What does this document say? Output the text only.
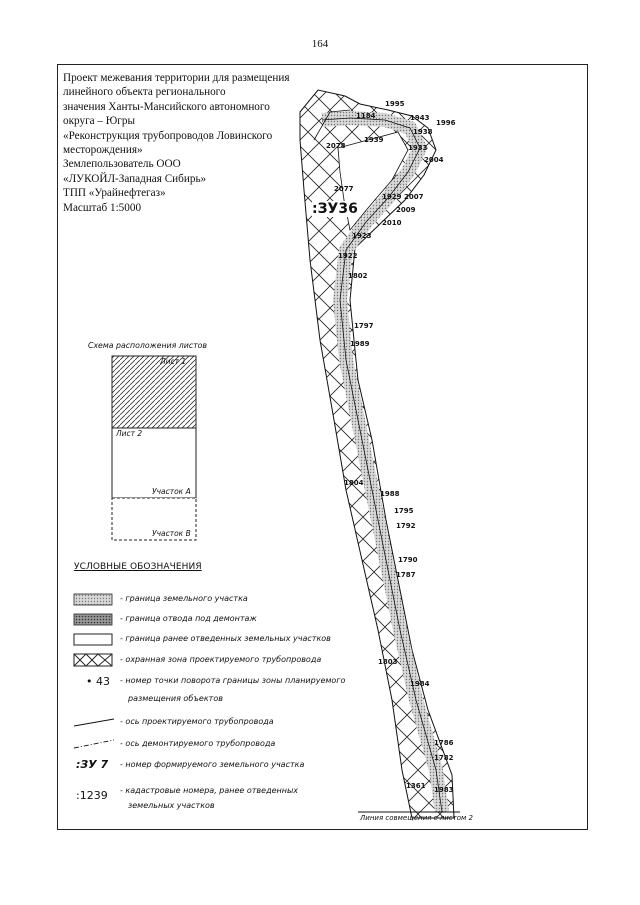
164
Проект межевания территории для размещения
линейного объекта регионального
значения Ханты-Мансийского автономного
округа – Югры
«Реконструкция трубопроводов Ловинского
месторождения»
Землепользователь ООО
«ЛУКОЙЛ-Западная Сибирь»
ТПП «Урайнефтегаз»
Масштаб 1:5000
Схема расположения листов
Лист 1
Лист 2
Участок А
Участок В
УСЛОВНЫЕ ОБОЗНАЧЕНИЯ
- граница земельного участка
- граница отвода под демонтаж
- граница ранее отведенных земельных участков
- охранная зона проектируемого трубопровода
• 43 - номер точки поворота границы зоны планируемого
размещения объектов
- ось проектируемого трубопровода
- ось демонтируемого трубопровода
:ЗУ 7 - номер формируемого земельного участка
:1239 - кадастровые номера, ранее отведенных
земельных участков
:ЗУ36
1995
1996
1943
1938
1939
2078	1933
2004
2077
2007
1929
2009
2010
1923
1922
1802
1797
1989
1804
1988
1795
1792
1790
1787
1803
1984
1786
1782
1983
1361
1184
Линия совмещения с листом 2
